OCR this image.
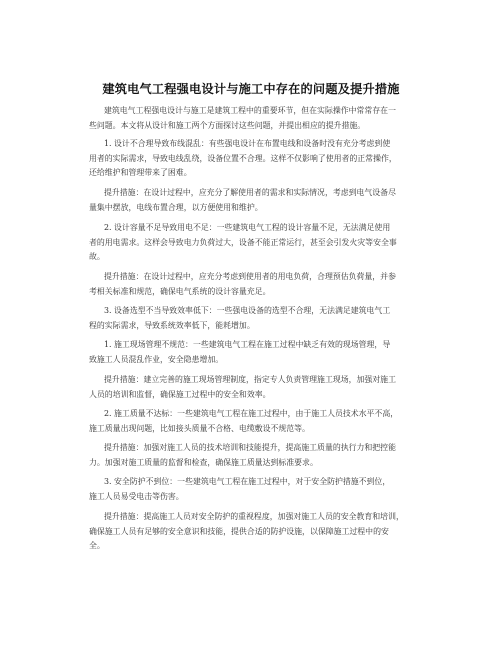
建筑电气工程强电设计与施工中存在的问题及提升措施

建筑电气工程强电设计与施工是建筑工程中的重要环节，但在实际操作中常常存在一
些问题。本文将从设计和施工两个方面探讨这些问题，并提出相应的提升措施。

1. 设计不合理导致布线混乱：有些强电设计在布置电线和设备时没有充分考虑到使
用者的实际需求，导致电线乱绕，设备位置不合理。这样不仅影响了使用者的正常操作，
还给维护和管理带来了困难。

提升措施：在设计过程中，应充分了解使用者的需求和实际情况，考虑到电气设备尽
量集中摆放，电线布置合理，以方便使用和维护。

2. 设计容量不足导致用电不足：一些建筑电气工程的设计容量不足，无法满足使用
者的用电需求。这样会导致电力负荷过大，设备不能正常运行，甚至会引发火灾等安全事
故。

提升措施：在设计过程中，应充分考虑到使用者的用电负荷，合理预估负荷量，并参
考相关标准和规范，确保电气系统的设计容量充足。

3. 设备选型不当导致效率低下：一些强电设备的选型不合理，无法满足建筑电气工
程的实际需求，导致系统效率低下，能耗增加。

1. 施工现场管理不规范：一些建筑电气工程在施工过程中缺乏有效的现场管理，导
致施工人员混乱作业，安全隐患增加。

提升措施：建立完善的施工现场管理制度，指定专人负责管理施工现场，加强对施工
人员的培训和监督，确保施工过程中的安全和效率。

2. 施工质量不达标：一些建筑电气工程在施工过程中，由于施工人员技术水平不高，
施工质量出现问题，比如接头质量不合格、电缆敷设不规范等。

提升措施：加强对施工人员的技术培训和技能提升，提高施工质量的执行力和把控能
力。加强对施工质量的监督和检查，确保施工质量达到标准要求。

3. 安全防护不到位：一些建筑电气工程在施工过程中，对于安全防护措施不到位，
施工人员易受电击等伤害。

提升措施：提高施工人员对安全防护的重视程度，加强对施工人员的安全教育和培训，
确保施工人员有足够的安全意识和技能，提供合适的防护设施，以保障施工过程中的安
全。
